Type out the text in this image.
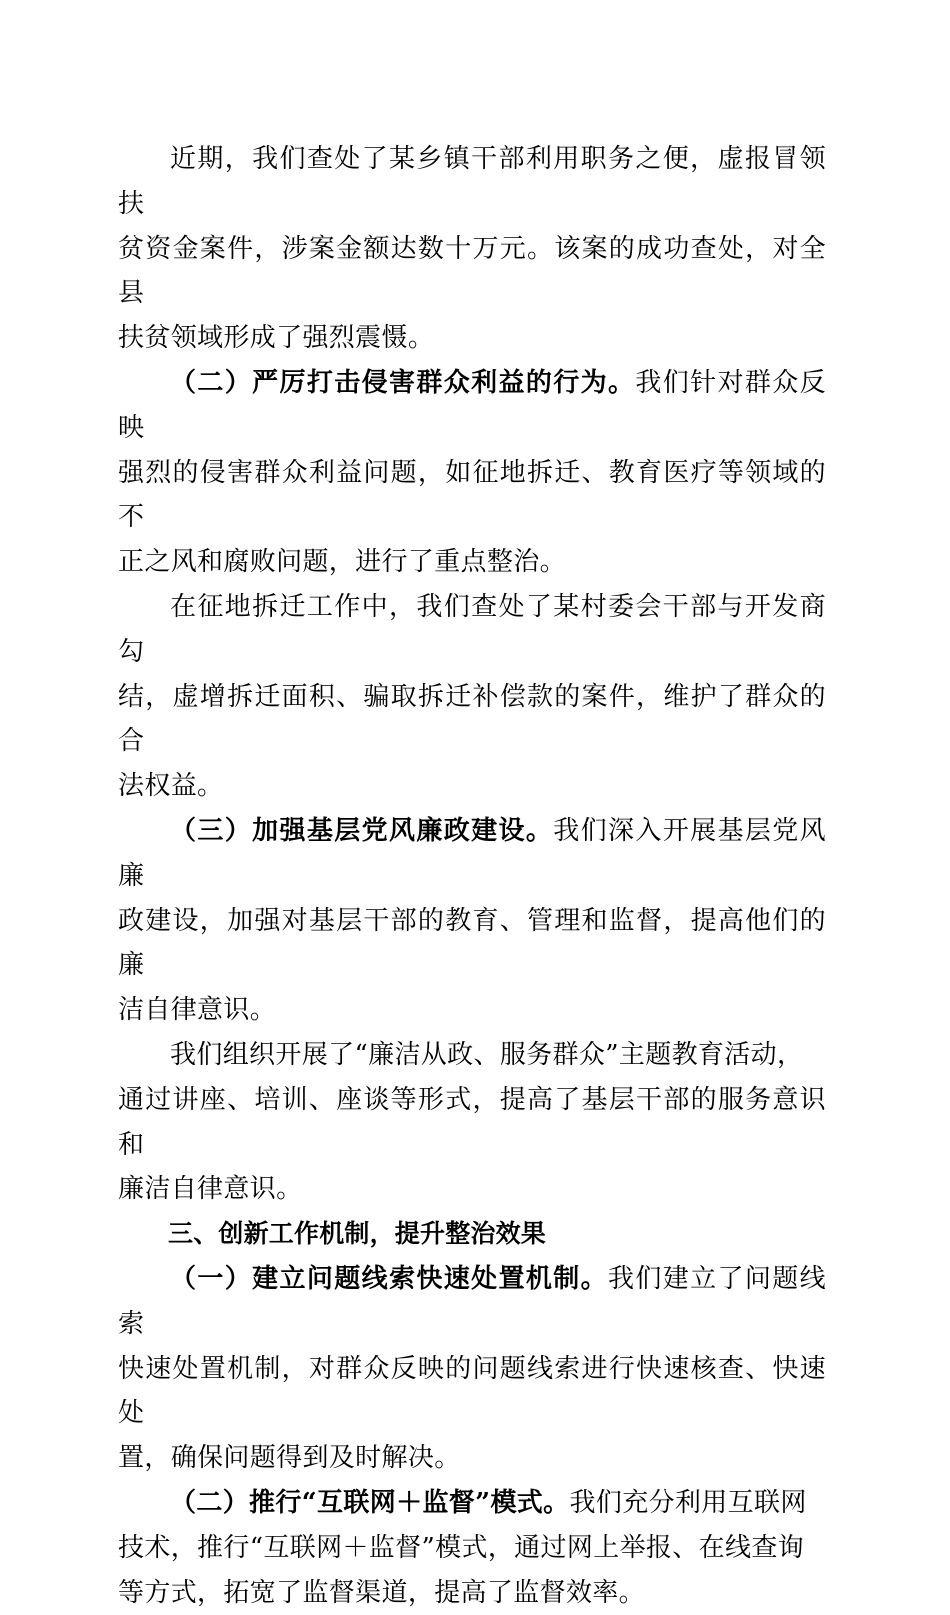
近期，我们查处了某乡镇干部利用职务之便，虚报冒领扶
贫资金案件，涉案金额达数十万元。该案的成功查处，对全县
扶贫领域形成了强烈震慑。

（二）严厉打击侵害群众利益的行为。我们针对群众反映
强烈的侵害群众利益问题，如征地拆迁、教育医疗等领域的不
正之风和腐败问题，进行了重点整治。

在征地拆迁工作中，我们查处了某村委会干部与开发商勾
结，虚增拆迁面积、骗取拆迁补偿款的案件，维护了群众的合
法权益。

（三）加强基层党风廉政建设。我们深入开展基层党风廉
政建设，加强对基层干部的教育、管理和监督，提高他们的廉
洁自律意识。

我们组织开展了“廉洁从政、服务群众”主题教育活动，
通过讲座、培训、座谈等形式，提高了基层干部的服务意识和
廉洁自律意识。

三、创新工作机制，提升整治效果

（一）建立问题线索快速处置机制。我们建立了问题线索
快速处置机制，对群众反映的问题线索进行快速核查、快速处
置，确保问题得到及时解决。

（二）推行“互联网＋监督”模式。我们充分利用互联网
技术，推行“互联网＋监督”模式，通过网上举报、在线查询
等方式，拓宽了监督渠道，提高了监督效率。
